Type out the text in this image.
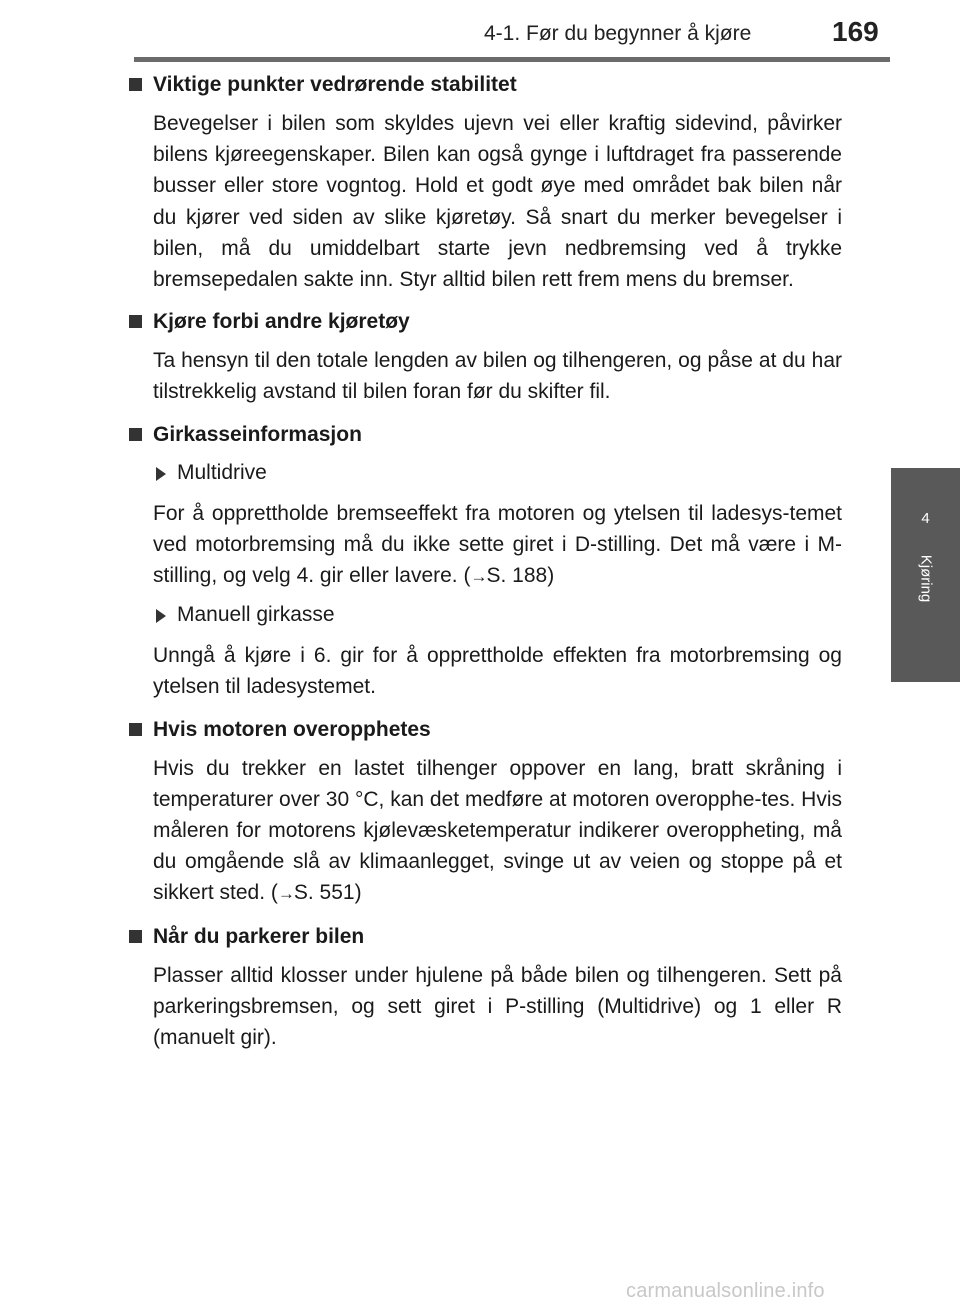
4-1. Før du begynner å kjøre	169
4
Kjøring
Viktige punkter vedrørende stabilitet

Bevegelser i bilen som skyldes ujevn vei eller kraftig sidevind, påvirker bilens kjøreegenskaper. Bilen kan også gynge i luftdraget fra passerende busser eller store vogntog. Hold et godt øye med området bak bilen når du kjører ved siden av slike kjøretøy. Så snart du merker bevegelser i bilen, må du umiddelbart starte jevn nedbremsing ved å trykke bremsepedalen sakte inn. Styr alltid bilen rett frem mens du bremser.

Kjøre forbi andre kjøretøy

Ta hensyn til den totale lengden av bilen og tilhengeren, og påse at du har tilstrekkelig avstand til bilen foran før du skifter fil.

Girkasseinformasjon
Multidrive

For å opprettholde bremseeffekt fra motoren og ytelsen til ladesys-temet ved motorbremsing må du ikke sette giret i D-stilling. Det må være i M-stilling, og velg 4. gir eller lavere. (→S. 188)

Manuell girkasse

Unngå å kjøre i 6. gir for å opprettholde effekten fra motorbremsing og ytelsen til ladesystemet.

Hvis motoren overopphetes

Hvis du trekker en lastet tilhenger oppover en lang, bratt skråning i temperaturer over 30 °C, kan det medføre at motoren overopphe-tes. Hvis måleren for motorens kjølevæsketemperatur indikerer overoppheting, må du omgående slå av klimaanlegget, svinge ut av veien og stoppe på et sikkert sted. (→S. 551)

Når du parkerer bilen

Plasser alltid klosser under hjulene på både bilen og tilhengeren. Sett på parkeringsbremsen, og sett giret i P-stilling (Multidrive) og 1 eller R (manuelt gir).

carmanualsonline.info
